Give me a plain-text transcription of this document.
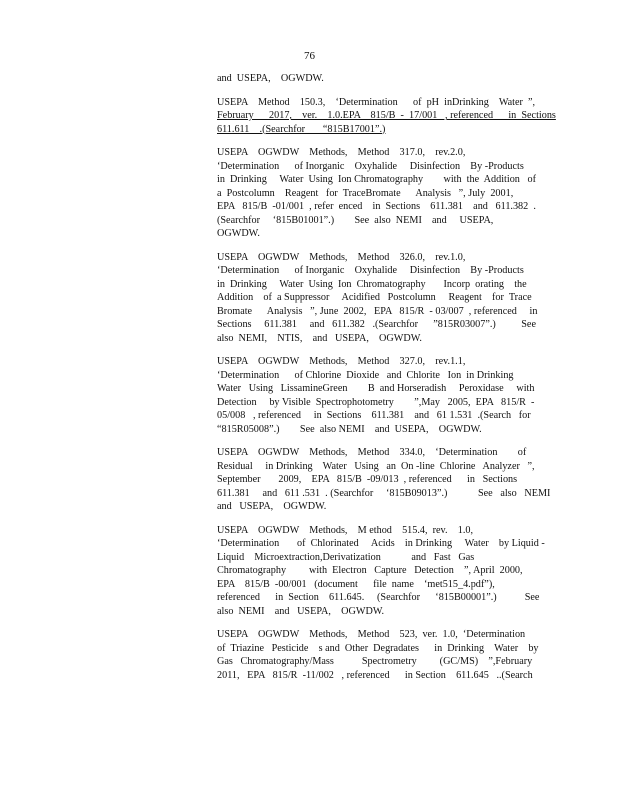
76
and  USEPA,    OGWDW.
USEPA    Method    150.3,    ‘Determination      of  pH  inDrinking    Water  ”,
February      2017,    ver.    1.0.EPA    815/B  -  17/001   , referenced      in  Sections
611.611    .(Searchfor       “815B17001”.)
USEPA    OGWDW    Methods,    Method    317.0,    rev.2.0,
‘Determination      of Inorganic    Oxyhalide     Disinfection    By -Products
in  Drinking     Water  Using  Ion Chromatography        with  the  Addition   of
a  Postcolumn    Reagent   for  TraceBromate      Analysis   ”, July  2001,
EPA   815/B  -01/001  , refer  enced    in  Sections    611.381    and   611.382  .
(Searchfor     ‘815B01001”.)        See  also  NEMI    and     USEPA,
OGWDW.
USEPA    OGWDW    Methods,    Method    326.0,    rev.1.0,
‘Determination      of Inorganic    Oxyhalide     Disinfection    By -Products
in  Drinking     Water  Using  Ion  Chromatography       Incorp  orating    the
Addition    of  a Suppressor     Acidified   Postcolumn     Reagent    for  Trace
Bromate      Analysis   ”, June  2002,   EPA   815/R  - 03/007  , referenced     in
Sections     611.381     and   611.382   .(Searchfor      ”815R03007”.)          See
also  NEMI,    NTIS,    and   USEPA,    OGWDW.
USEPA    OGWDW    Methods,    Method    327.0,    rev.1.1,
‘Determination      of Chlorine  Dioxide   and  Chlorite   Ion  in Drinking
Water   Using   LissamineGreen        B  and Horseradish     Peroxidase     with
Detection     by Visible  Spectrophotometry        ”,May   2005,  EPA   815/R  -
05/008   , referenced     in  Sections    611.381    and   61 1.531  .(Search   for
“815R05008”.)        See  also NEMI    and  USEPA,    OGWDW.
USEPA    OGWDW    Methods,    Method    334.0,    ‘Determination        of
Residual     in Drinking    Water   Using   an  On -line  Chlorine   Analyzer   ”,
September       2009,    EPA   815/B  -09/013  , referenced      in   Sections
611.381     and   611 .531  . (Searchfor     ‘815B09013”.)            See   also   NEMI
and   USEPA,    OGWDW.
USEPA    OGWDW    Methods,    M ethod    515.4,  rev.    1.0,
‘Determination       of  Chlorinated     Acids    in Drinking     Water    by Liquid -
Liquid    Microextraction,Derivatization            and   Fast   Gas
Chromatography         with  Electron   Capture   Detection    ”, April  2000,
EPA    815/B  -00/001   (document      file  name    ‘met515_4.pdf”),
referenced      in  Section    611.645.     (Searchfor      ‘815B00001”.)           See
also  NEMI    and   USEPA,    OGWDW.
USEPA    OGWDW    Methods,    Method    523,  ver.  1.0,  ‘Determination
of  Triazine   Pesticide    s and  Other  Degradates      in  Drinking    Water    by
Gas   Chromatography/Mass           Spectrometry         (GC/MS)    ”,February
2011,   EPA   815/R  -11/002   , referenced      in Section    611.645   ..(Search
